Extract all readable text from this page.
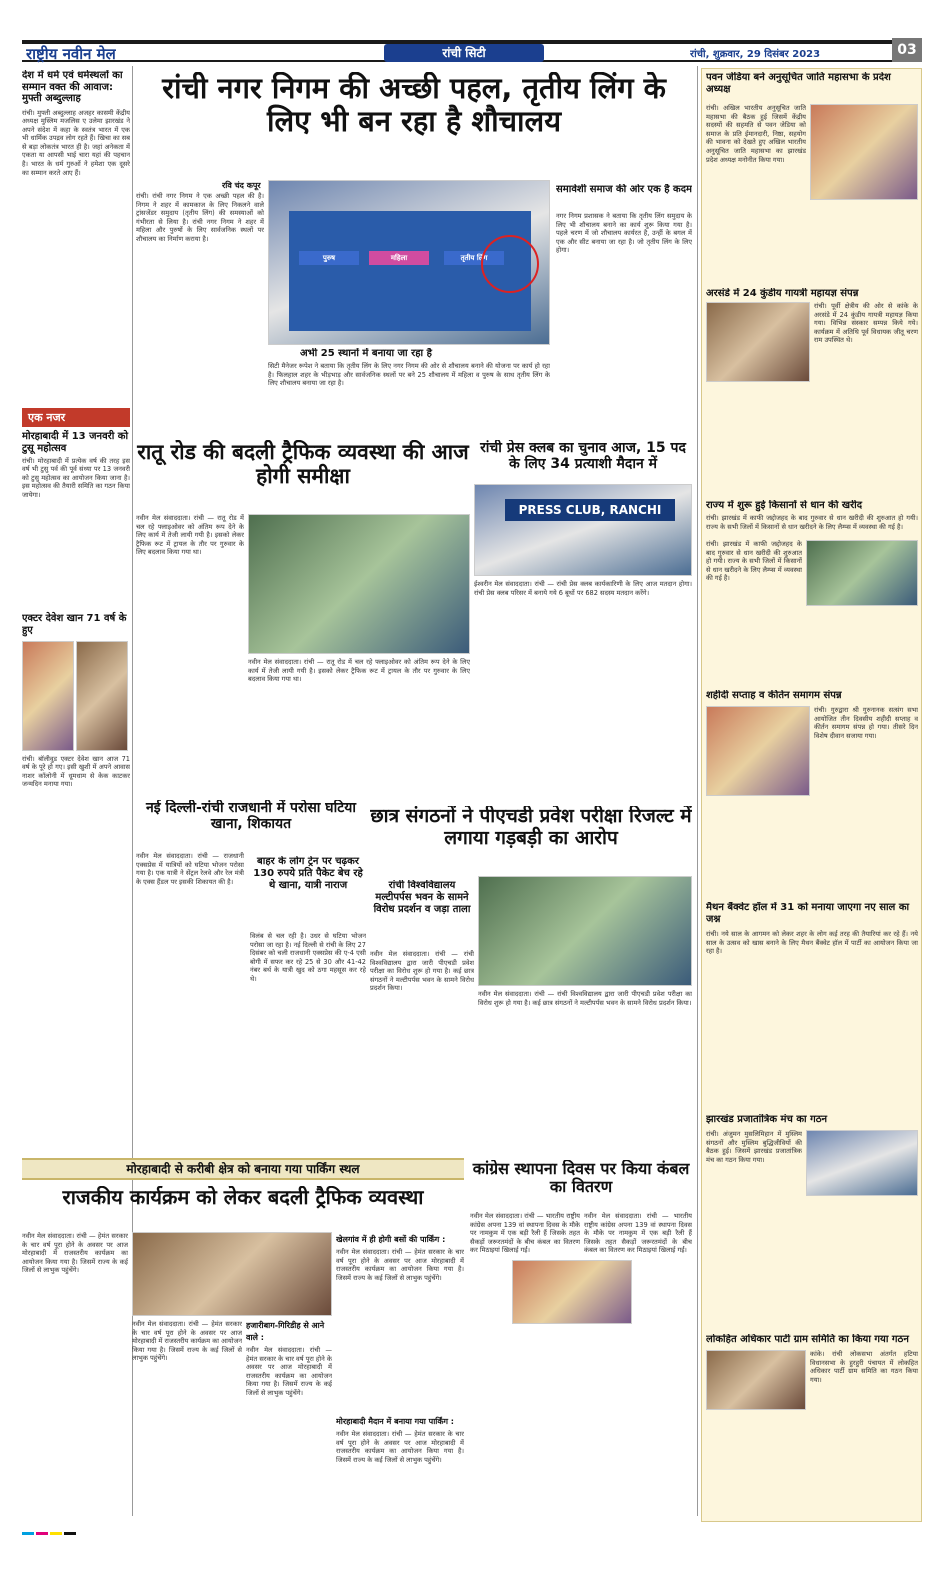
राष्ट्रीय नवीन मेल	रांची सिटी	रांची, शुक्रवार, 29 दिसंबर 2023	03
देश में धर्म एवं धर्मस्थलों का सम्मान वक्त की आवाज: मुफ्ती अब्दुल्लाह
रांची। मुफ्ती अब्दुल्लाह अजहर कासमी केंद्रीय अध्यक्ष मुस्लिम मजलिस ए उलेमा झारखंड ने अपने संदेश में कहा के स्वतंत्र भारत में एक भी धार्मिक उपद्रव लोग रहते हैं। खिचा का सब से बड़ा लोकतंत्र भारत ही है। जहां अनेकता में एकता या आपसी भाई चारा यहां की पहचान है। भारत के धर्म गुरुओं ने हमेशा एक दूसरे का सम्मान करते आए हैं।
एक नजर
मोरहाबादी में 13 जनवरी को टुसू महोत्सव
रांची। मोरहाबादी में प्रत्येक वर्ष की तरह इस वर्ष भी टुसु पर्व की पूर्व संध्या पर 13 जनवरी को टुसु महोत्सव का आयोजन किया जाना है। इस महोत्सव की तैयारी समिति का गठन किया जायेगा।
एक्टर देवेश खान 71 वर्ष के हुए
रांची। बॉलीवुड एक्टर देवेश खान आज 71 वर्ष के पूरे हो गए। इसी खुशी में अपने आवास नाशर कॉलोनी में धूमधाम से केक काटकर जन्मदिन मनाया गया।
रांची नगर निगम की अच्छी पहल, तृतीय लिंग के लिए भी बन रहा है शौचालय
रवि चंद कपूर
रांची। रांची नगर निगम ने एक अच्छी पहल की है। निगम ने शहर में कामकाज के लिए निकलने वाले ट्रांसजेंडर समुदाय (तृतीय लिंग) की समस्याओं को गंभीरता से लिया है। रांची नगर निगम ने शहर में महिला और पुरुषों के लिए सार्वजनिक स्थलों पर शौचालय का निर्माण कराया है।
पुरुष	महिला	तृतीय लिंग
अभी 25 स्थानों में बनाया जा रहा है
सिटी मैनेजर रूपेश ने बताया कि तृतीय लिंग के लिए नगर निगम की ओर से शौचालय बनाने की योजना पर कार्य हो रहा है। फिलहाल शहर के भीड़भाड़ और सार्वजनिक स्थलों पर बने 25 शौचालय में महिला व पुरुष के साथ तृतीय लिंग के लिए शौचालय बनाया जा रहा है।
समावेशी समाज की ओर एक है कदम
नगर निगम प्रशासक ने बताया कि तृतीय लिंग समुदाय के लिए भी शौचालय बनाने का कार्य शुरू किया गया है। पहले चरण में जो शौचालय कार्यरत है, उन्हीं के बगल में एक और सीट बनाया जा रहा है। जो तृतीय लिंग के लिए होगा।
रातू रोड की बदली ट्रैफिक व्यवस्था की आज होगी समीक्षा
नवीन मेल संवाददाता। रांची — रातू रोड में चल रहे फ्लाइओवर को अंतिम रूप देने के लिए कार्य में तेजी लायी गयी है। इसको लेकर ट्रैफिक रूट में ट्रायल के तौर पर गुरुवार के लिए बदलाव किया गया था।
नवीन मेल संवाददाता। रांची — रातू रोड में चल रहे फ्लाइओवर को अंतिम रूप देने के लिए कार्य में तेजी लायी गयी है। इसको लेकर ट्रैफिक रूट में ट्रायल के तौर पर गुरुवार के लिए बदलाव किया गया था।
रांची प्रेस क्लब का चुनाव आज, 15 पद के लिए 34 प्रत्याशी मैदान में
PRESS CLUB, RANCHI
ईश्वरीन मेल संवाददाता। रांची — रांची प्रेस क्लब कार्यकारिणी के लिए आज मतदान होगा। रांची प्रेस क्लब परिसर में बनाये गये 6 बूथों पर 682 सदस्य मतदान करेंगे।
नई दिल्ली-रांची राजधानी में परोसा घटिया खाना, शिकायत
नवीन मेल संवाददाता। रांची — राजधानी एक्सप्रेस में यात्रियों को घटिया भोजन परोसा गया है। एक यात्री ने सेंट्रल रेलवे और रेल मंत्री के एक्स हैंडल पर इसकी शिकायत की है।
बाहर के लोग ट्रेन पर चढ़कर 130 रुपये प्रति पैकेट बेच रहे थे खाना, यात्री नाराज
विलंब से चल रही है। उधर से घटिया भोजन परोसा जा रहा है। नई दिल्ली से रांची के लिए 27 दिसंबर को चली राजधानी एक्सप्रेस की ए-4 एसी बोगी में सफर कर रहे 25 से 30 और 41-42 नंबर बर्थ के यात्री खुद को ठगा महसूस कर रहे थे।
छात्र संगठनों ने पीएचडी प्रवेश परीक्षा रिजल्ट में लगाया गड़बड़ी का आरोप
रांची विश्वविद्यालय मल्टीपर्पस भवन के सामने विरोध प्रदर्शन व जड़ा ताला
नवीन मेल संवाददाता। रांची — रांची विश्वविद्यालय द्वारा जारी पीएचडी प्रवेश परीक्षा का विरोध शुरू हो गया है। कई छात्र संगठनों ने मल्टीपर्पस भवन के सामने विरोध प्रदर्शन किया।
नवीन मेल संवाददाता। रांची — रांची विश्वविद्यालय द्वारा जारी पीएचडी प्रवेश परीक्षा का विरोध शुरू हो गया है। कई छात्र संगठनों ने मल्टीपर्पस भवन के सामने विरोध प्रदर्शन किया।
मोरहाबादी से करीबी क्षेत्र को बनाया गया पार्किंग स्थल
राजकीय कार्यक्रम को लेकर बदली ट्रैफिक व्यवस्था
नवीन मेल संवाददाता। रांची — हेमंत सरकार के चार वर्ष पूरा होने के अवसर पर आज मोरहाबादी में राजस्तरीय कार्यक्रम का आयोजन किया गया है। जिसमें राज्य के कई जिलों से लाभुक पहुंचेंगे।
खेलगांव में ही होगी बसों की पार्किंग :
नवीन मेल संवाददाता। रांची — हेमंत सरकार के चार वर्ष पूरा होने के अवसर पर आज मोरहाबादी में राजस्तरीय कार्यक्रम का आयोजन किया गया है। जिसमें राज्य के कई जिलों से लाभुक पहुंचेंगे।
हजारीबाग-गिरिडीह से आने वाले :
नवीन मेल संवाददाता। रांची — हेमंत सरकार के चार वर्ष पूरा होने के अवसर पर आज मोरहाबादी में राजस्तरीय कार्यक्रम का आयोजन किया गया है। जिसमें राज्य के कई जिलों से लाभुक पहुंचेंगे।
नवीन मेल संवाददाता। रांची — हेमंत सरकार के चार वर्ष पूरा होने के अवसर पर आज मोरहाबादी में राजस्तरीय कार्यक्रम का आयोजन किया गया है। जिसमें राज्य के कई जिलों से लाभुक पहुंचेंगे।
मोरहाबादी मैदान में बनाया गया पार्किंग :
नवीन मेल संवाददाता। रांची — हेमंत सरकार के चार वर्ष पूरा होने के अवसर पर आज मोरहाबादी में राजस्तरीय कार्यक्रम का आयोजन किया गया है। जिसमें राज्य के कई जिलों से लाभुक पहुंचेंगे।
कांग्रेस स्थापना दिवस पर किया कंबल का वितरण
नवीन मेल संवाददाता। रांची — भारतीय राष्ट्रीय कांग्रेस अपना 139 वां स्थापना दिवस के मौके पर नामकुम में एक बड़ी रैली हैं जिसके तहत सैकड़ों जरूरतमंदों के बीच कंबल का वितरण कर मिठाइयां खिलाई गईं।
नवीन मेल संवाददाता। रांची — भारतीय राष्ट्रीय कांग्रेस अपना 139 वां स्थापना दिवस के मौके पर नामकुम में एक बड़ी रैली हैं जिसके तहत सैकड़ों जरूरतमंदों के बीच कंबल का वितरण कर मिठाइयां खिलाई गईं।
पवन जेडिया बने अनुसूचित जाति महासभा के प्रदेश अध्यक्ष
रांची। अखिल भारतीय अनुसूचित जाति महासभा की बैठक हुई जिसमें केंद्रीय सदस्यों की सहमति से पवन जेडिया को समाज के प्रति ईमानदारी, निष्ठा, सहयोग की भावना को देखते हुए अखिल भारतीय अनुसूचित जाति महासभा का झारखंड प्रदेश अध्यक्ष मनोनीत किया गया।
अरसंडे में 24 कुंडीय गायत्री महायज्ञ संपन्न
रांची। पूर्वी क्षेत्रीय की ओर से कांके के अरसंडे में 24 कुंडीय गायत्री महायज्ञ किया गया। विभिन्न संस्कार सम्पन्न किये गये। कार्यक्रम में अतिथि पूर्व विधायक जीतू चरण राम उपस्थित थे।
राज्य में शुरू हुई किसानों से धान की खरीद
रांची। झारखंड में काफी जद्दोजहद के बाद गुरुवार से धान खरीदी की शुरुआत हो गयी। राज्य के सभी जिलों में किसानों से धान खरीदने के लिए लैम्प्स में व्यवस्था की गई है।
रांची। झारखंड में काफी जद्दोजहद के बाद गुरुवार से धान खरीदी की शुरुआत हो गयी। राज्य के सभी जिलों में किसानों से धान खरीदने के लिए लैम्प्स में व्यवस्था की गई है।
शहीदी सप्ताह व कीर्तन समागम संपन्न
रांची। गुरुद्वारा श्री गुरुनानक सत्संग सभा आयोजित तीन दिवसीय शहीदी सप्ताह व कीर्तन समागम संपन्न हो गया। तीसरे दिन विशेष दीवान सजाया गया।
मैथन बैंक्वेट हॉल में 31 को मनाया जाएगा नए साल का जश्न
रांची। नये साल के आगमन को लेकर शहर के लोग कई तरह की तैयारियां कर रहे हैं। नये साल के उत्सव को खास बनाने के लिए मैथन बैंक्वेट हॉल में पार्टी का आयोजन किया जा रहा है।
झारखंड प्रजातांत्रिक मंच का गठन
रांची। अंजुमन मुसलिमिहान में मुस्लिम संगठनों और मुस्लिम बुद्धिजीवियों की बैठक हुई। जिसमें झारखंड प्रजातांत्रिक मंच का गठन किया गया।
लोकहित अधिकार पार्टी ग्राम समिति का किया गया गठन
कांके। रांची लोकसभा अंतर्गत हटिया विधानसभा के हुरहुरी पंचायत में लोकहित अधिकार पार्टी ग्राम समिति का गठन किया गया।
